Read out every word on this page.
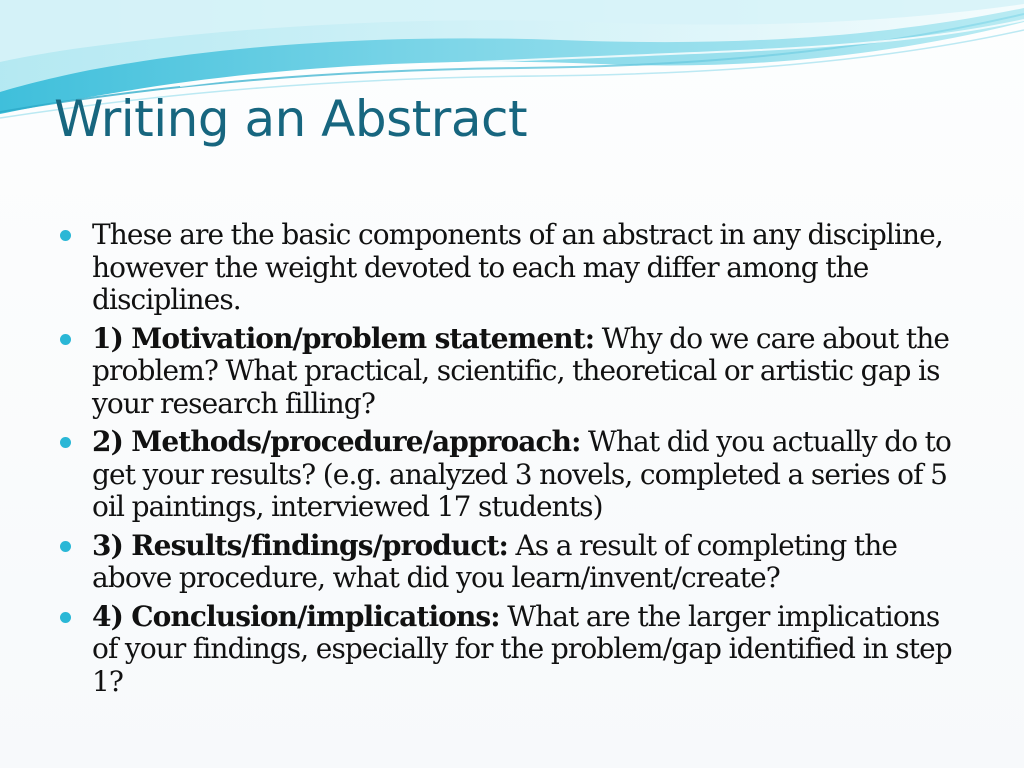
Writing an Abstract
These are the basic components of an abstract in any discipline, however the weight devoted to each may differ among the disciplines.
1) Motivation/problem statement: Why do we care about the problem? What practical, scientific, theoretical or artistic gap is your research filling?
2) Methods/procedure/approach: What did you actually do to get your results? (e.g. analyzed 3 novels, completed a series of 5 oil paintings, interviewed 17 students)
3) Results/findings/product: As a result of completing the above procedure, what did you learn/invent/create?
4) Conclusion/implications: What are the larger implications of your findings, especially for the problem/gap identified in step 1?
